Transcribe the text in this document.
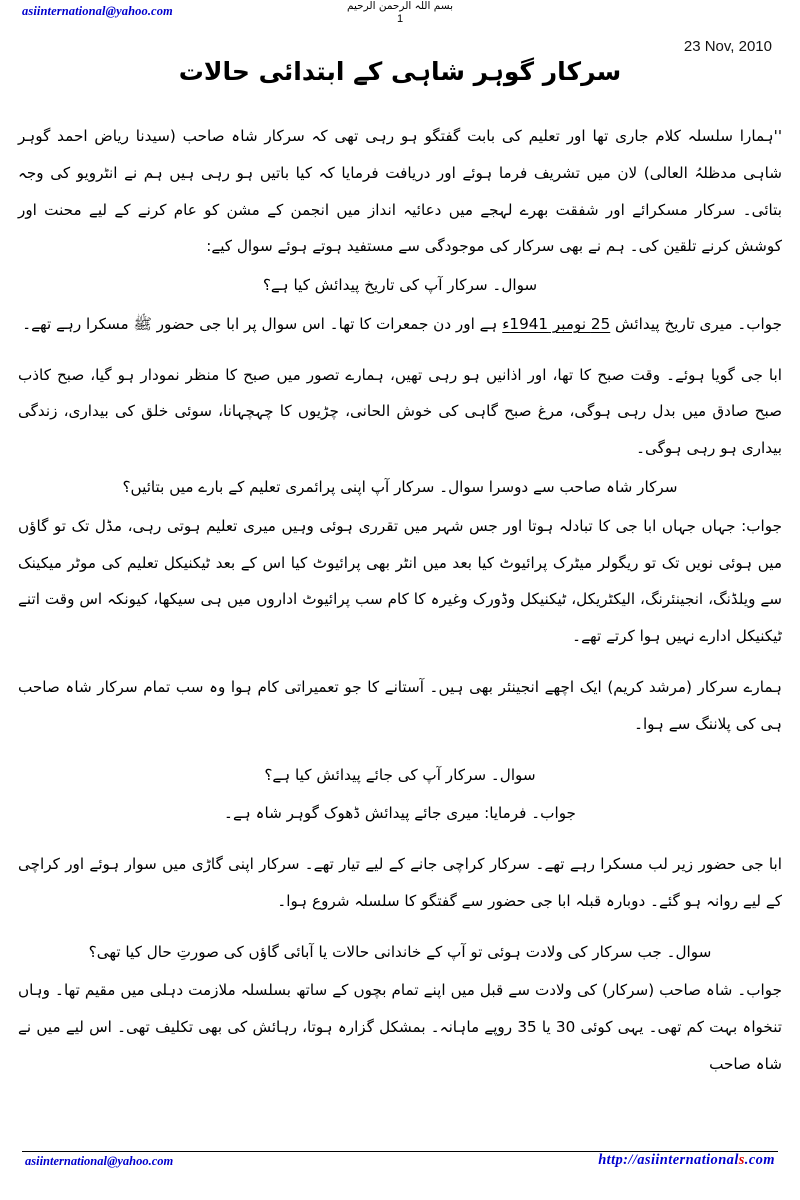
asiinternational@yahoo.com	بسم اللہ الرحمن الرحیم
1
23 Nov, 2010
سرکار گوہر شاہی کے ابتدائی حالات

''ہمارا سلسلہ کلام جاری تھا اور تعلیم کی بابت گفتگو ہو رہی تھی کہ سرکار شاہ صاحب (سیدنا ریاض احمد گوہر شاہی مدظلہُ العالی) لان میں تشریف فرما ہوئے اور دریافت فرمایا کہ کیا باتیں ہو رہی ہیں ہم نے انٹرویو کی وجہ بتائی۔ سرکار مسکرائے اور شفقت بھرے لہجے میں دعائیہ انداز میں انجمن کے مشن کو عام کرنے کے لیے محنت اور کوشش کرنے تلقین کی۔ ہم نے بھی سرکار کی موجودگی سے مستفید ہوتے ہوئے سوال کیے:

سوال۔ سرکار آپ کی تاریخ پیدائش کیا ہے؟

جواب۔ میری تاریخ پیدائش 25 نومبر 1941ء ہے اور دن جمعرات کا تھا۔ اس سوال پر ابا جی حضور ﷺ مسکرا رہے تھے۔

ابا جی گویا ہوئے۔ وقت صبح کا تھا، اور اذانیں ہو رہی تھیں، ہمارے تصور میں صبح کا منظر نمودار ہو گیا، صبح کاذب صبح صادق میں بدل رہی ہوگی، مرغ صبح گاہی کی خوش الحانی، چڑیوں کا چہچہانا، سوئی خلق کی بیداری، زندگی بیداری ہو رہی ہوگی۔

سرکار شاہ صاحب سے دوسرا سوال۔ سرکار آپ اپنی پرائمری تعلیم کے بارے میں بتائیں؟

جواب: جہاں جہاں ابا جی کا تبادلہ ہوتا اور جس شہر میں تقرری ہوئی وہیں میری تعلیم ہوتی رہی، مڈل تک تو گاؤں میں ہوئی نویں تک تو ریگولر میٹرک پرائیوٹ کیا بعد میں انٹر بھی پرائیوٹ کیا اس کے بعد ٹیکنیکل تعلیم کی موٹر میکینک سے ویلڈنگ، انجینئرنگ، الیکٹریکل، ٹیکنیکل وڈورک وغیرہ کا کام سب پرائیوٹ اداروں میں ہی سیکھا، کیونکہ اس وقت اتنے ٹیکنیکل ادارے نہیں ہوا کرتے تھے۔

ہمارے سرکار (مرشد کریم) ایک اچھے انجینئر بھی ہیں۔ آستانے کا جو تعمیراتی کام ہوا وہ سب تمام سرکار شاہ صاحب ہی کی پلاننگ سے ہوا۔

سوال۔ سرکار آپ کی جائے پیدائش کیا ہے؟

جواب۔ فرمایا: میری جائے پیدائش ڈھوک گوہر شاہ ہے۔

ابا جی حضور زیر لب مسکرا رہے تھے۔ سرکار کراچی جانے کے لیے تیار تھے۔ سرکار اپنی گاڑی میں سوار ہوئے اور کراچی کے لیے روانہ ہو گئے۔ دوبارہ قبلہ ابا جی حضور سے گفتگو کا سلسلہ شروع ہوا۔

سوال۔ جب سرکار کی ولادت ہوئی تو آپ کے خاندانی حالات یا آبائی گاؤں کی صورتِ حال کیا تھی؟

جواب۔ شاہ صاحب (سرکار) کی ولادت سے قبل میں اپنے تمام بچوں کے ساتھ بسلسلہ ملازمت دہلی میں مقیم تھا۔ وہاں تنخواہ بہت کم تھی۔ یہی کوئی 30 یا 35 روپے ماہانہ۔ بمشکل گزارہ ہوتا، رہائش کی بھی تکلیف تھی۔ اس لیے میں نے شاہ صاحب

asiinternational@yahoo.com	http://asiinternationals.com
